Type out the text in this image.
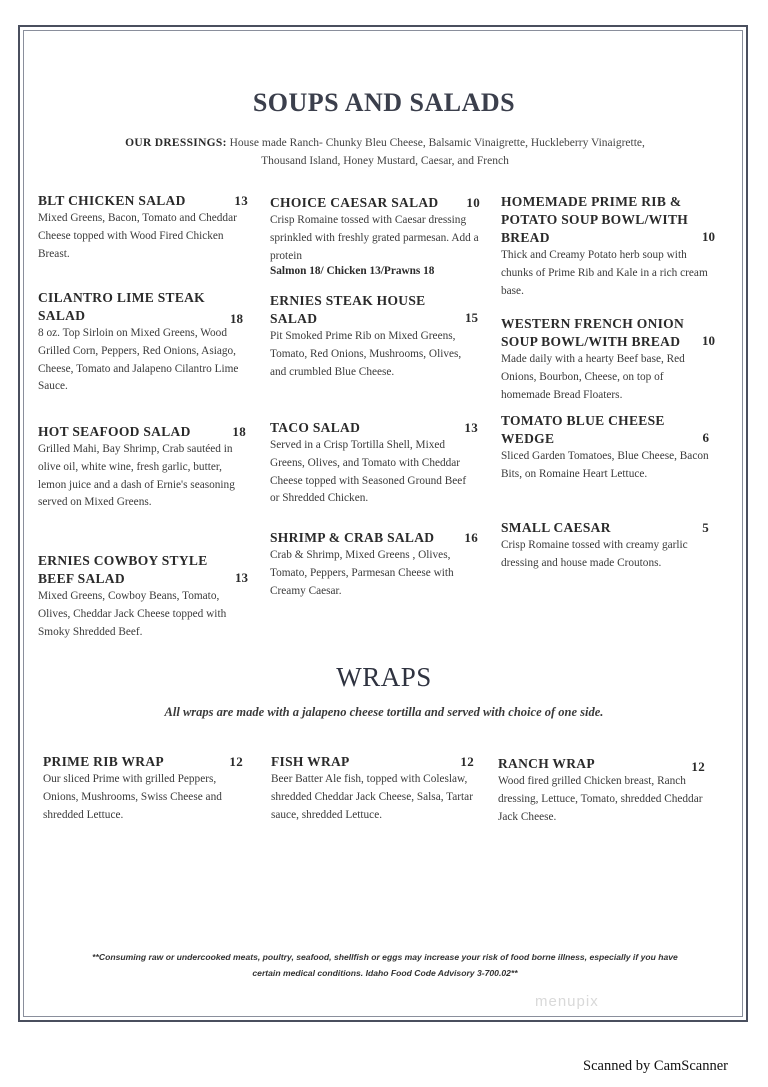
SOUPS AND SALADS
OUR DRESSINGS: House made Ranch- Chunky Bleu Cheese, Balsamic Vinaigrette, Huckleberry Vinaigrette,
Thousand Island, Honey Mustard, Caesar, and French
13
BLT CHICKEN SALAD
Mixed Greens, Bacon, Tomato and Cheddar Cheese topped with Wood Fired Chicken Breast.
CILANTRO LIME STEAK SALAD	18
8 oz. Top Sirloin on Mixed Greens, Wood Grilled Corn, Peppers, Red Onions, Asiago, Cheese, Tomato and Jalapeno Cilantro Lime Sauce.
18
HOT SEAFOOD SALAD
Grilled Mahi, Bay Shrimp, Crab sautéed in olive oil, white wine, fresh garlic, butter, lemon juice and a dash of Ernie's seasoning served on Mixed Greens.
ERNIES COWBOY STYLE BEEF SALAD	13
Mixed Greens, Cowboy Beans, Tomato, Olives, Cheddar Jack Cheese topped with Smoky Shredded Beef.
10
CHOICE CAESAR SALAD
Crisp Romaine tossed with Caesar dressing sprinkled with freshly grated parmesan. Add a protein
Salmon 18/ Chicken 13/Prawns 18
ERNIES STEAK HOUSE SALAD	15
Pit Smoked Prime Rib on Mixed Greens, Tomato, Red Onions, Mushrooms, Olives, and crumbled Blue Cheese.
13
TACO SALAD
Served in a Crisp Tortilla Shell, Mixed Greens, Olives, and Tomato with Cheddar Cheese topped with Seasoned Ground Beef or Shredded Chicken.
16
SHRIMP & CRAB SALAD
Crab & Shrimp, Mixed Greens , Olives, Tomato, Peppers, Parmesan Cheese with Creamy Caesar.
HOMEMADE PRIME RIB & POTATO SOUP BOWL/WITH BREAD	10
Thick and Creamy Potato herb soup with chunks of Prime Rib and Kale in a rich cream base.
WESTERN FRENCH ONION SOUP BOWL/WITH BREAD	10
Made daily with a hearty Beef base, Red Onions, Bourbon, Cheese, on top of homemade Bread Floaters.
TOMATO BLUE CHEESE WEDGE	6
Sliced Garden Tomatoes, Blue Cheese, Bacon Bits, on Romaine Heart Lettuce.
5
SMALL CAESAR
Crisp Romaine tossed with creamy garlic dressing and house made Croutons.
WRAPS
All wraps are made with a jalapeno cheese tortilla and served with choice of one side.
12
PRIME RIB WRAP
Our sliced Prime with grilled Peppers, Onions, Mushrooms, Swiss Cheese and shredded Lettuce.
12
FISH WRAP
Beer Batter Ale fish, topped with Coleslaw, shredded Cheddar Jack Cheese, Salsa, Tartar sauce, shredded Lettuce.
12
RANCH WRAP
Wood fired grilled Chicken breast, Ranch dressing, Lettuce, Tomato, shredded Cheddar Jack Cheese.
**Consuming raw or undercooked meats, poultry, seafood, shellfish or eggs may increase your risk of food borne illness, especially if you have
certain medical conditions. Idaho Food Code Advisory 3-700.02**
menupix
Scanned by CamScanner
